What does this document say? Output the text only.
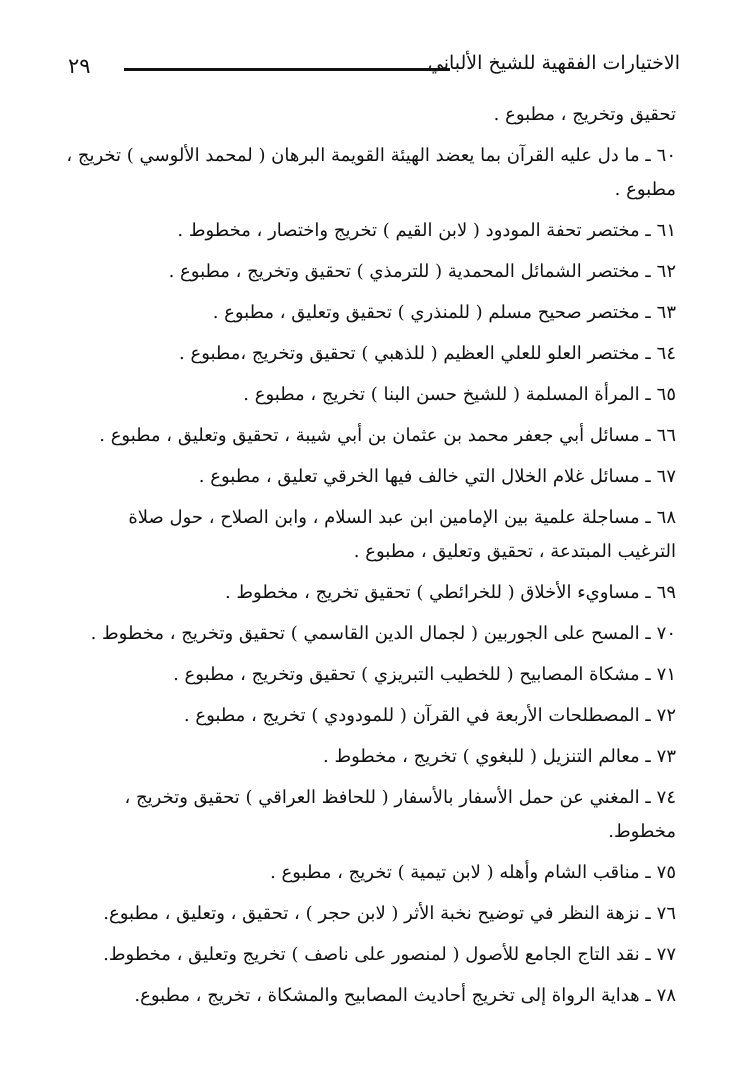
٢٩	الاختيارات الفقهية للشيخ الألباني
تحقيق وتخريج ، مطبوع .
٦٠ـ ما دل عليه القرآن بما يعضد الهيئة القويمة البرهان ( لمحمد الألوسي ) تخريج ،
مطبوع .
٦١ـ مختصر تحفة المودود ( لابن القيم ) تخريج واختصار ، مخطوط .
٦٢ـ مختصر الشمائل المحمدية ( للترمذي ) تحقيق وتخريج ، مطبوع .
٦٣ـ مختصر صحيح مسلم ( للمنذري ) تحقيق وتعليق ، مطبوع .
٦٤ـ مختصر العلو للعلي العظيم ( للذهبي ) تحقيق وتخريج ،مطبوع .
٦٥ـ المرأة المسلمة ( للشيخ حسن البنا ) تخريج ، مطبوع .
٦٦ـ مسائل أبي جعفر محمد بن عثمان بن أبي شيبة ، تحقيق وتعليق ، مطبوع .
٦٧ـ مسائل غلام الخلال التي خالف فيها الخرقي تعليق ، مطبوع .
٦٨ـ مساجلة علمية بين الإمامين ابن عبد السلام ، وابن الصلاح ، حول صلاة
الترغيب المبتدعة ، تحقيق وتعليق ، مطبوع .
٦٩ـ مساويء الأخلاق ( للخرائطي ) تحقيق تخريج ، مخطوط .
٧٠ـ المسح على الجوربين ( لجمال الدين القاسمي ) تحقيق وتخريج ، مخطوط .
٧١ـ مشكاة المصابيح ( للخطيب التبريزي ) تحقيق وتخريج ، مطبوع .
٧٢ـ المصطلحات الأربعة في القرآن ( للمودودي ) تخريج ، مطبوع .
٧٣ـ معالم التنزيل ( للبغوي ) تخريج ، مخطوط .
٧٤ـ المغني عن حمل الأسفار بالأسفار ( للحافظ العراقي ) تحقيق وتخريج ،
مخطوط.
٧٥ـ مناقب الشام وأهله ( لابن تيمية ) تخريج ، مطبوع .
٧٦ـ نزهة النظر في توضيح نخبة الأثر ( لابن حجر ) ، تحقيق ، وتعليق ، مطبوع.
٧٧ـ نقد التاج الجامع للأصول ( لمنصور على ناصف ) تخريج وتعليق ، مخطوط.
٧٨ـ هداية الرواة إلى تخريج أحاديث المصابيح والمشكاة ، تخريج ، مطبوع.
